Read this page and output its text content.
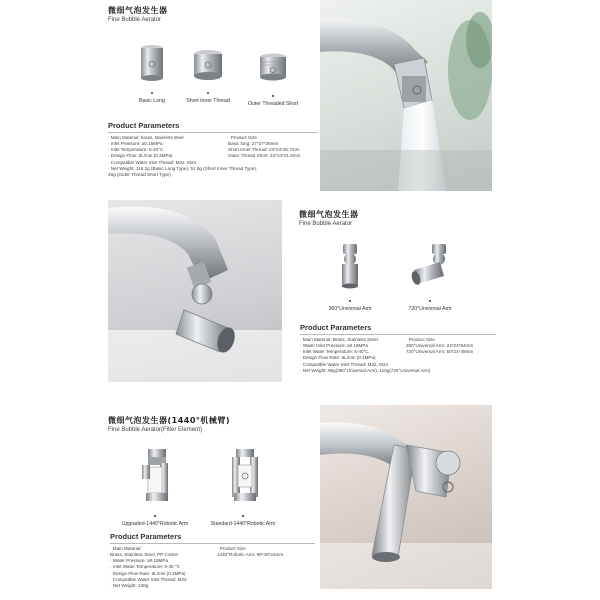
微细气泡发生器
Fine Bubble Aerator
Basic Long	Short Inner Thread	Outer Threaded Short
Product Parameters
· Main Material: brass, stainless steel
· Inlet Pressure: ≥0.15MPa
· Inlet Temperature: 5-40°C
· Design Flow: 6L/min (0.3MPa)
· Compatible Water Inlet Thread: M22, M24
· Net Weight: 115.3g (Basic Long Type), 51.8g (Short Inner Thread Type),
49g (Outer Thread Short Type)
· Product Size
Basic long: 27*27*36mm
Short Inner Thread: 24*24*25.7mm
Outer Thread Short: 24*24*21.5mm
微细气泡发生器
Fine Bubble Aerator
360°Universal Arm	720°Universal Arm
Product Parameters
· Main Material: Brass, Stainless Steel
· Water Inlet Pressure: ≥0.15MPa
· Inlet Water Temperature: 5-40°C
· Design Flow Rate: 6L/min (0.3MPa)
· Compatible Water Inlet Thread: M22, M24
· Net Weight: 98g(360°Universal Arm), 110g(720°Universal Arm)
· Product Size
360°Universal Arm: 24*24*64mm
720°Universal Arm: 50*24*49mm
微细气泡发生器(1440°机械臂)
Fine Bubble Aerator(Filter Element)
Upgraded-1440°Robotic Arm	Standard-1440°Robotic Arm
Product Parameters
· Main Material:
Brass, Stainless Steel, PP Cotton
· Water Pressure: ≥0.15MPa
· Inlet Water Temperature: 5-40 °C
· Design Flow Rate: 6L/min (0.3MPa)
· Compatible Water Inlet Thread: M22
· Net Weight: 130g
· Product Size
1440°Robotic Arm: 99*49*24mm
